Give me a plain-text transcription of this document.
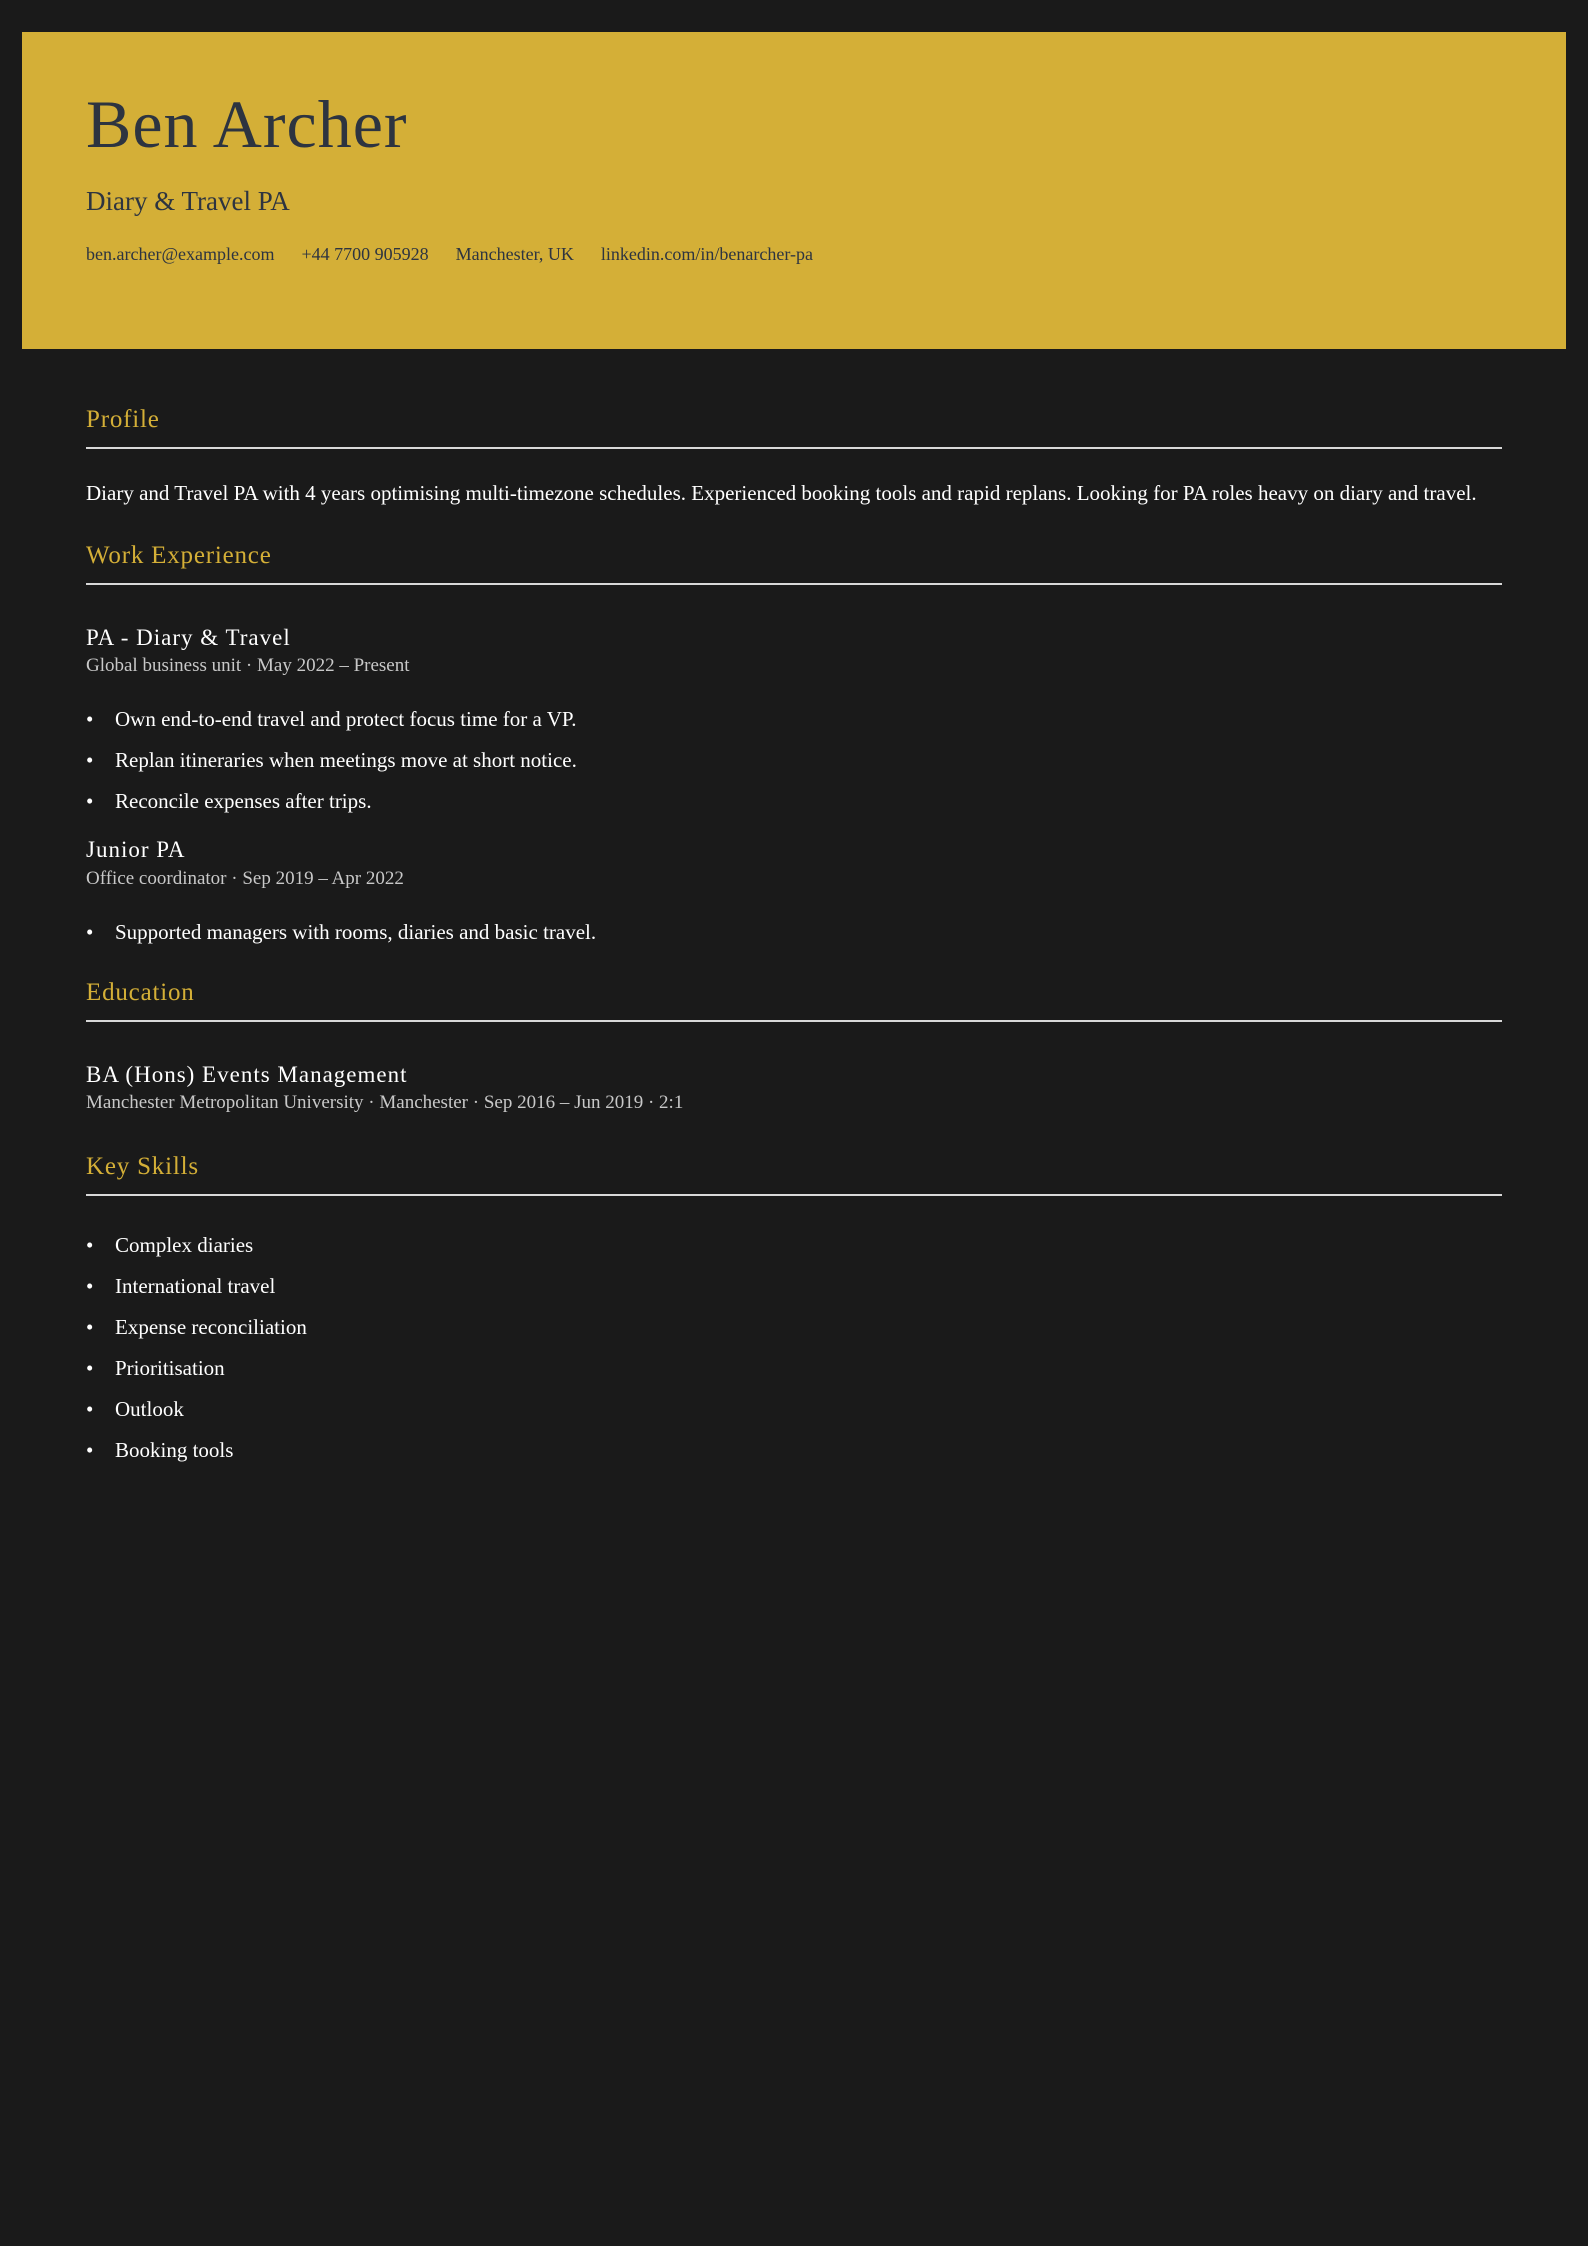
Ben Archer
Diary & Travel PA
ben.archer@example.com +44 7700 905928 Manchester, UK linkedin.com/in/benarcher-pa
Profile

Diary and Travel PA with 4 years optimising multi-timezone schedules. Experienced booking tools and rapid replans. Looking for PA roles heavy on diary and travel.

Work Experience
PA - Diary & Travel
Global business unit · May 2022 – Present
• Own end-to-end travel and protect focus time for a VP.
• Replan itineraries when meetings move at short notice.
• Reconcile expenses after trips.
Junior PA
Office coordinator · Sep 2019 – Apr 2022
• Supported managers with rooms, diaries and basic travel.
Education
BA (Hons) Events Management
Manchester Metropolitan University · Manchester · Sep 2016 – Jun 2019 · 2:1
Key Skills
• Complex diaries
• International travel
• Expense reconciliation
• Prioritisation
• Outlook
• Booking tools
